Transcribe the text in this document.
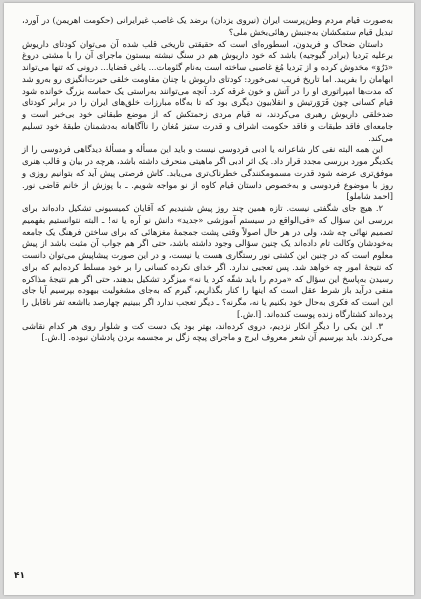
به‌صورت قیام مردم وطن‌پرست ایران (نیروی یزدان) برضد یک غاصب غیرایرانی (حکومت اهریمن) در آورد، تبدیل قیام ستمکشان به‌جنبش رهائی‌بخش ملی؟

داستان ضحاک و فریدون، اسطوره‌ای است که حقیقتی تاریخی قلب شده آن می‌توان کودتای داریوش برعلیه بَردیا (برادر گیوجیه) باشد که خود داریوش هم در سنگ نبشته بیستون ماجرای آن را با مشتی دروغ «دَرُوَ» مخدوش کرده و از بَردیا مُغ غاصبی ساخته است به‌نام گئومات... یاغی قضایا... درونی که تنها می‌تواند ابهامان را بفریبد. اما تاریخ فریب نمی‌خورد: کودتای داریوش با چنان مقاومت خلقی حیرت‌انگیزی رو به‌رو شد که مدت‌ها امپراتوری او را در آتش و خون غرقه کرد. آنچه می‌توانند به‌راستی یک حماسه بزرگ خوانده شود قیام کسانی چون فَرَوَرتیش و انقلابیون دیگری بود که تا به‌گاه مبارزات خلق‌های ایران را در برابر کودتای ضدخلقی داریوش رهبری می‌کردند، نه قیام مردی زحمتکش که از موضع طبقاتی خود بی‌خبر است و جامعه‌ای فاقد طبقات و فاقد حکومت اشراف و قدرت ستیز مُغان را ناآگاهانه به‌دشمنان طبقهٔ خود تسلیم می‌کند.

این همه البته نفی کار شاعرانه یا ادبی فردوسی نیست و باید این مسأله و مسألهٔ دیدگاهی فردوسی را از یکدیگر مورد بررسی مجدد قرار داد. یک اثر ادبی اگر ماهیتی منحرف داشته باشد، هرچه در بیان و قالب هنری موفق‌تری عرضه شود قدرت مسمومکنندگی خطرناک‌تری می‌یابد. کاش فرصتی پیش آید که بتوانیم روزی و روز با موضوع فردوسی و به‌خصوص داستان قیام کاوه از نو مواجه شویم. ـ با پوزش از خانم قاضی نور. [احمد شاملو]

۲. هیچ جای شگفتی نیست. تازه همین چند روز پیش شنیدیم که آقایان کمیسیونی تشکیل داده‌اند برای بررسی این سؤال که «فی‌الواقع در سیستم آموزشی «جدید» دانش نو آره یا نه! ـ البته نتوانستیم بفهمیم تصمیم نهائی چه شد، ولی در هر حال اصولاً وقتی پشت جمجمهٔ مغزهائی که برای ساختن فرهنگ یک جامعه به‌خودشان وکالت تام داده‌اند یک چنین سؤالی وجود داشته باشد، حتی اگر هم جواب آن مثبت باشد از پیش معلوم است که در چنین این کشتی نور رستگاری هست یا نیست، و در این صورت پیشاپیش می‌توان دانست که نتیجهٔ امور چه خواهد شد. پس تعجبی ندارد. اگر خدای نکرده کسانی را بر خود مسلط کرده‌ایم که برای رسیدن به‌پاسخ این سؤال که «مردم را باید شقّه کرد یا نه» میزگرد تشکیل بدهند، حتی اگر هم نتیجهٔ مذاکره منفی درآید باز شرط عقل است که اینها را کنار بگذاریم، گیرم که به‌جای مشغولیت بیهوده بپرسیم آیا جای این است که فکری به‌حال خود بکنیم یا نه، مگرنه؟ ـ دیگر تعجب ندارد اگر ببینیم چهارصد بااشعه تفر ناقابل را پرده‌اند کشتارگاه زنده پوست کنده‌اند. [ا.ش.]

۳. این یکی را دیگر انکار نزدیم، دروی کرده‌اند، بهتر بود یک دست کت و شلوار روی هر کدام نقاشی می‌کردند. باید بپرسیم آن شعر معروف ایرج و ماجرای پیچه زگل بر مجسمه بردن پادشان نبوده. [ا.ش.]

۴۱
